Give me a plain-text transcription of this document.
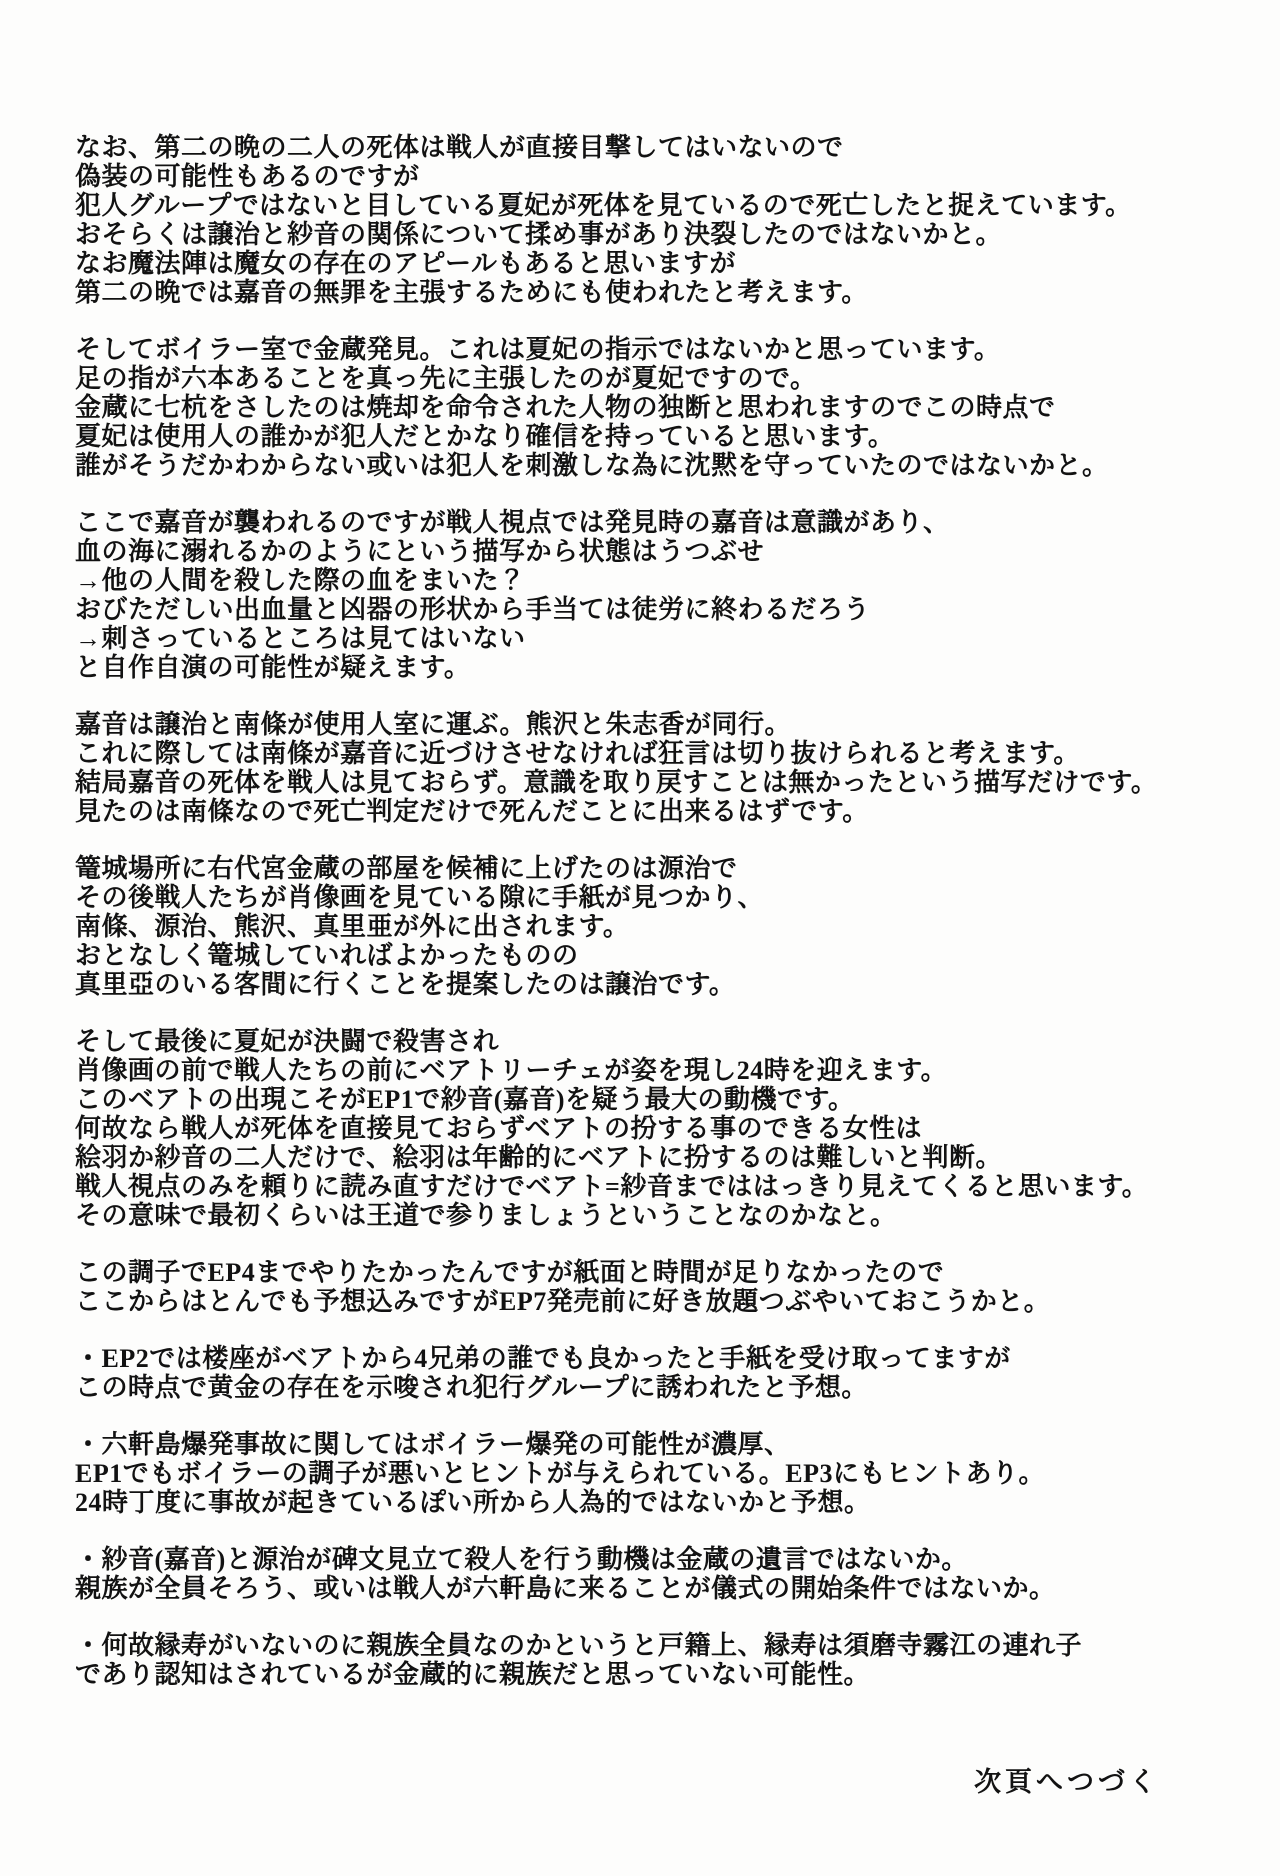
なお、第二の晩の二人の死体は戦人が直接目撃してはいないので
偽装の可能性もあるのですが
犯人グループではないと目している夏妃が死体を見ているので死亡したと捉えています。
おそらくは譲治と紗音の関係について揉め事があり決裂したのではないかと。
なお魔法陣は魔女の存在のアピールもあると思いますが
第二の晩では嘉音の無罪を主張するためにも使われたと考えます。
そしてボイラー室で金蔵発見。これは夏妃の指示ではないかと思っています。
足の指が六本あることを真っ先に主張したのが夏妃ですので。
金蔵に七杭をさしたのは焼却を命令された人物の独断と思われますのでこの時点で
夏妃は使用人の誰かが犯人だとかなり確信を持っていると思います。
誰がそうだかわからない或いは犯人を刺激しな為に沈黙を守っていたのではないかと。
ここで嘉音が襲われるのですが戦人視点では発見時の嘉音は意識があり、
血の海に溺れるかのようにという描写から状態はうつぶせ
→他の人間を殺した際の血をまいた？
おびただしい出血量と凶器の形状から手当ては徒労に終わるだろう
→刺さっているところは見てはいない
と自作自演の可能性が疑えます。
嘉音は譲治と南條が使用人室に運ぶ。熊沢と朱志香が同行。
これに際しては南條が嘉音に近づけさせなければ狂言は切り抜けられると考えます。
結局嘉音の死体を戦人は見ておらず。意識を取り戻すことは無かったという描写だけです。
見たのは南條なので死亡判定だけで死んだことに出来るはずです。
篭城場所に右代宮金蔵の部屋を候補に上げたのは源治で
その後戦人たちが肖像画を見ている隙に手紙が見つかり、
南條、源治、熊沢、真里亜が外に出されます。
おとなしく篭城していればよかったものの
真里亞のいる客間に行くことを提案したのは譲治です。
そして最後に夏妃が決闘で殺害され
肖像画の前で戦人たちの前にベアトリーチェが姿を現し24時を迎えます。
このベアトの出現こそがEP1で紗音(嘉音)を疑う最大の動機です。
何故なら戦人が死体を直接見ておらずベアトの扮する事のできる女性は
絵羽か紗音の二人だけで、絵羽は年齢的にベアトに扮するのは難しいと判断。
戦人視点のみを頼りに読み直すだけでベアト=紗音までははっきり見えてくると思います。
その意味で最初くらいは王道で参りましょうということなのかなと。
この調子でEP4までやりたかったんですが紙面と時間が足りなかったので
ここからはとんでも予想込みですがEP7発売前に好き放題つぶやいておこうかと。
・EP2では楼座がベアトから4兄弟の誰でも良かったと手紙を受け取ってますが
この時点で黄金の存在を示唆され犯行グループに誘われたと予想。
・六軒島爆発事故に関してはボイラー爆発の可能性が濃厚、
EP1でもボイラーの調子が悪いとヒントが与えられている。EP3にもヒントあり。
24時丁度に事故が起きているぽい所から人為的ではないかと予想。
・紗音(嘉音)と源治が碑文見立て殺人を行う動機は金蔵の遺言ではないか。
親族が全員そろう、或いは戦人が六軒島に来ることが儀式の開始条件ではないか。
・何故縁寿がいないのに親族全員なのかというと戸籍上、縁寿は須磨寺霧江の連れ子
であり認知はされているが金蔵的に親族だと思っていない可能性。
次頁へつづく
